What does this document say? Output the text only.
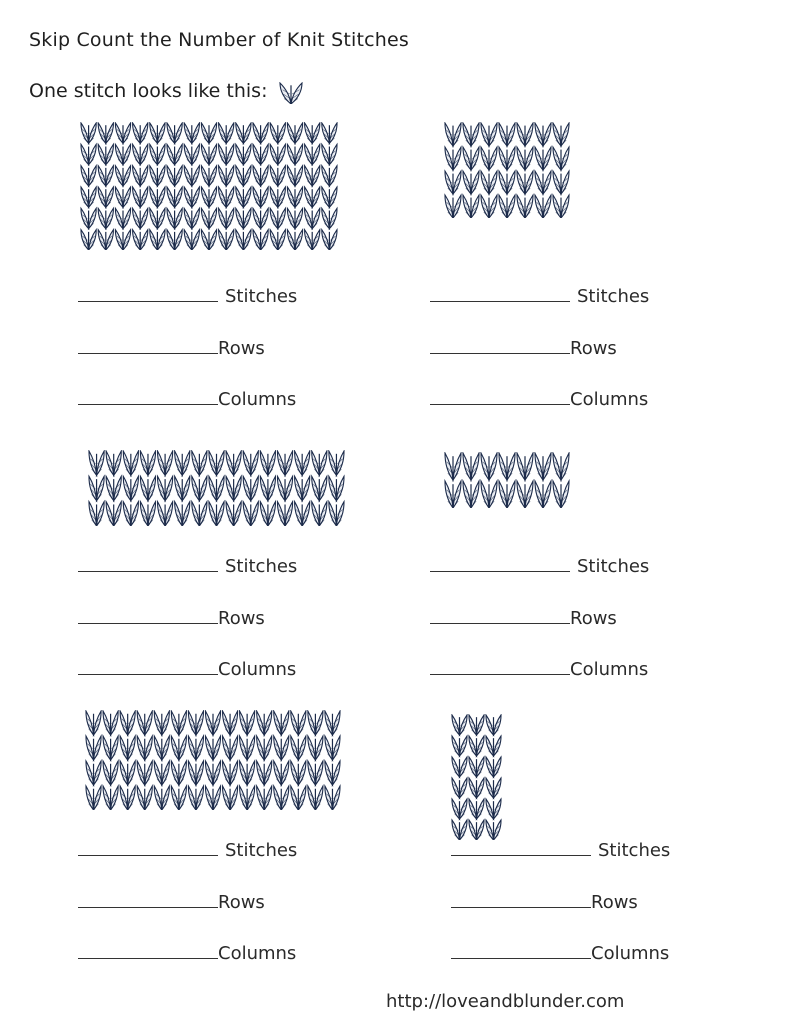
Skip Count the Number of Knit Stitches
One stitch looks like this:
Stitches
Rows
Columns
Stitches
Rows
Columns
Stitches
Rows
Columns
Stitches
Rows
Columns
Stitches
Rows
Columns
Stitches
Rows
Columns
http://loveandblunder.com
